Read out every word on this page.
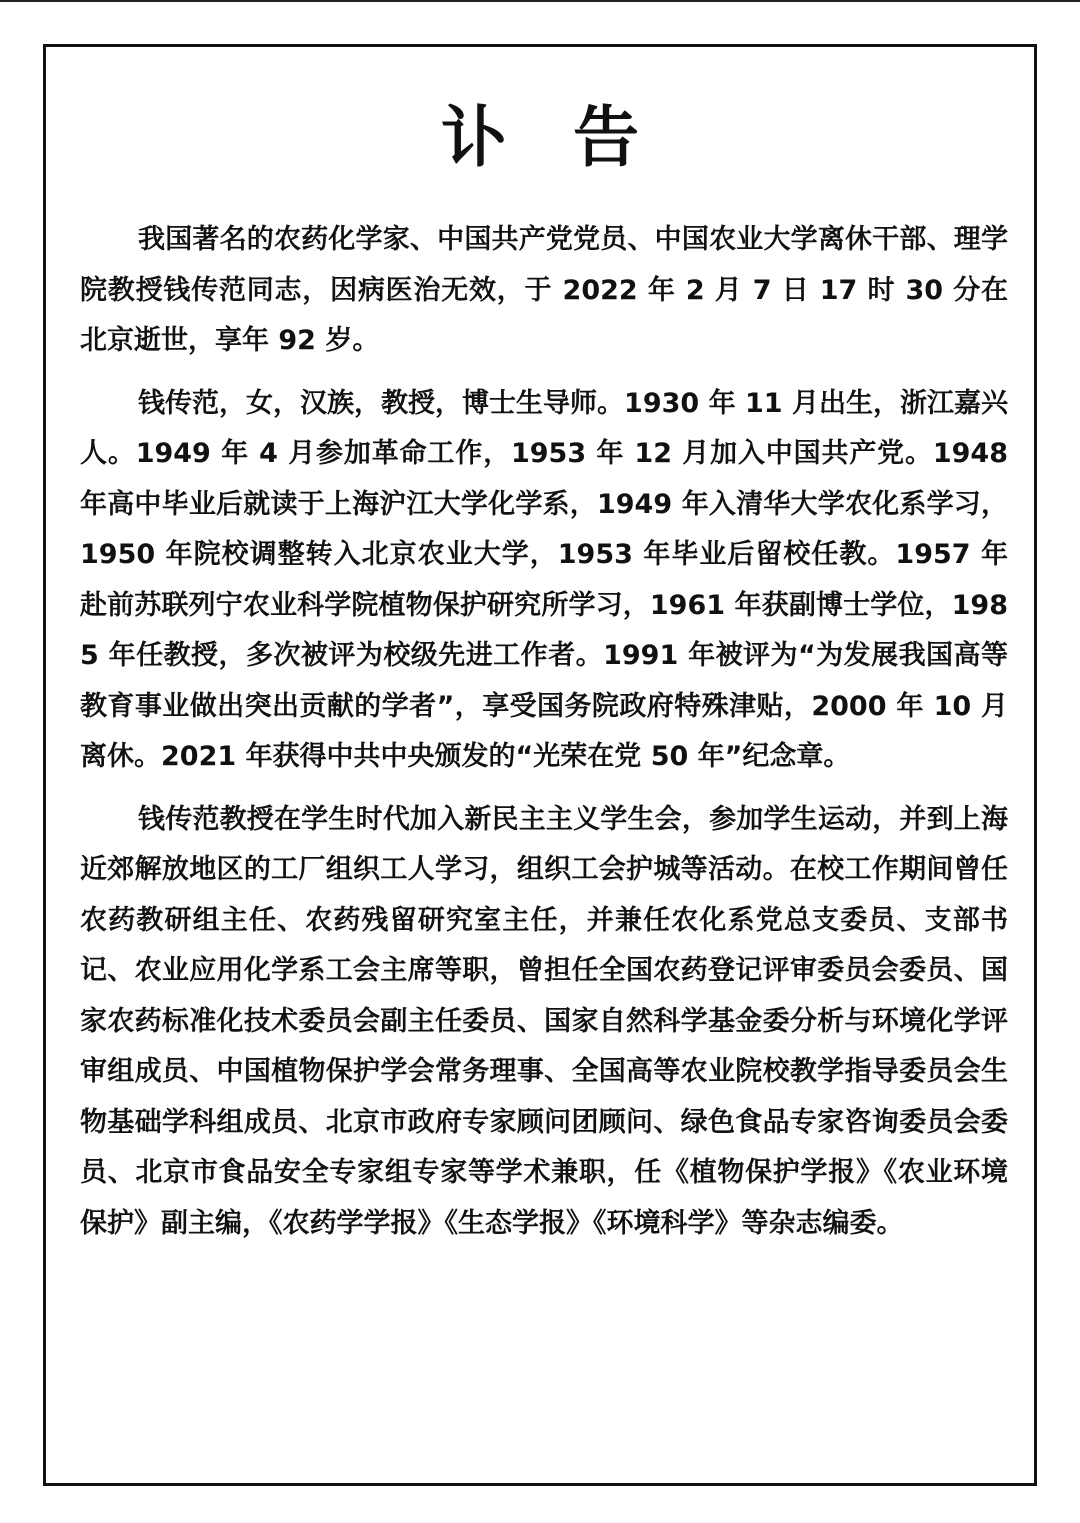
讣 告

我国著名的农药化学家、中国共产党党员、中国农业大学离休干部、理学院教授钱传范同志，因病医治无效，于 2022 年 2 月 7 日 17 时 30 分在北京逝世，享年 92 岁。

钱传范，女，汉族，教授，博士生导师。1930 年 11 月出生，浙江嘉兴人。1949 年 4 月参加革命工作，1953 年 12 月加入中国共产党。1948 年高中毕业后就读于上海沪江大学化学系，1949 年入清华大学农化系学习，1950 年院校调整转入北京农业大学，1953 年毕业后留校任教。1957 年赴前苏联列宁农业科学院植物保护研究所学习，1961 年获副博士学位，1985 年任教授，多次被评为校级先进工作者。1991 年被评为“为发展我国高等教育事业做出突出贡献的学者”，享受国务院政府特殊津贴，2000 年 10 月离休。2021 年获得中共中央颁发的“光荣在党 50 年”纪念章。

钱传范教授在学生时代加入新民主主义学生会，参加学生运动，并到上海近郊解放地区的工厂组织工人学习，组织工会护城等活动。在校工作期间曾任农药教研组主任、农药残留研究室主任，并兼任农化系党总支委员、支部书记、农业应用化学系工会主席等职，曾担任全国农药登记评审委员会委员、国家农药标准化技术委员会副主任委员、国家自然科学基金委分析与环境化学评审组成员、中国植物保护学会常务理事、全国高等农业院校教学指导委员会生物基础学科组成员、北京市政府专家顾问团顾问、绿色食品专家咨询委员会委员、北京市食品安全专家组专家等学术兼职，任《植物保护学报》《农业环境保护》副主编，《农药学学报》《生态学报》《环境科学》等杂志编委。
